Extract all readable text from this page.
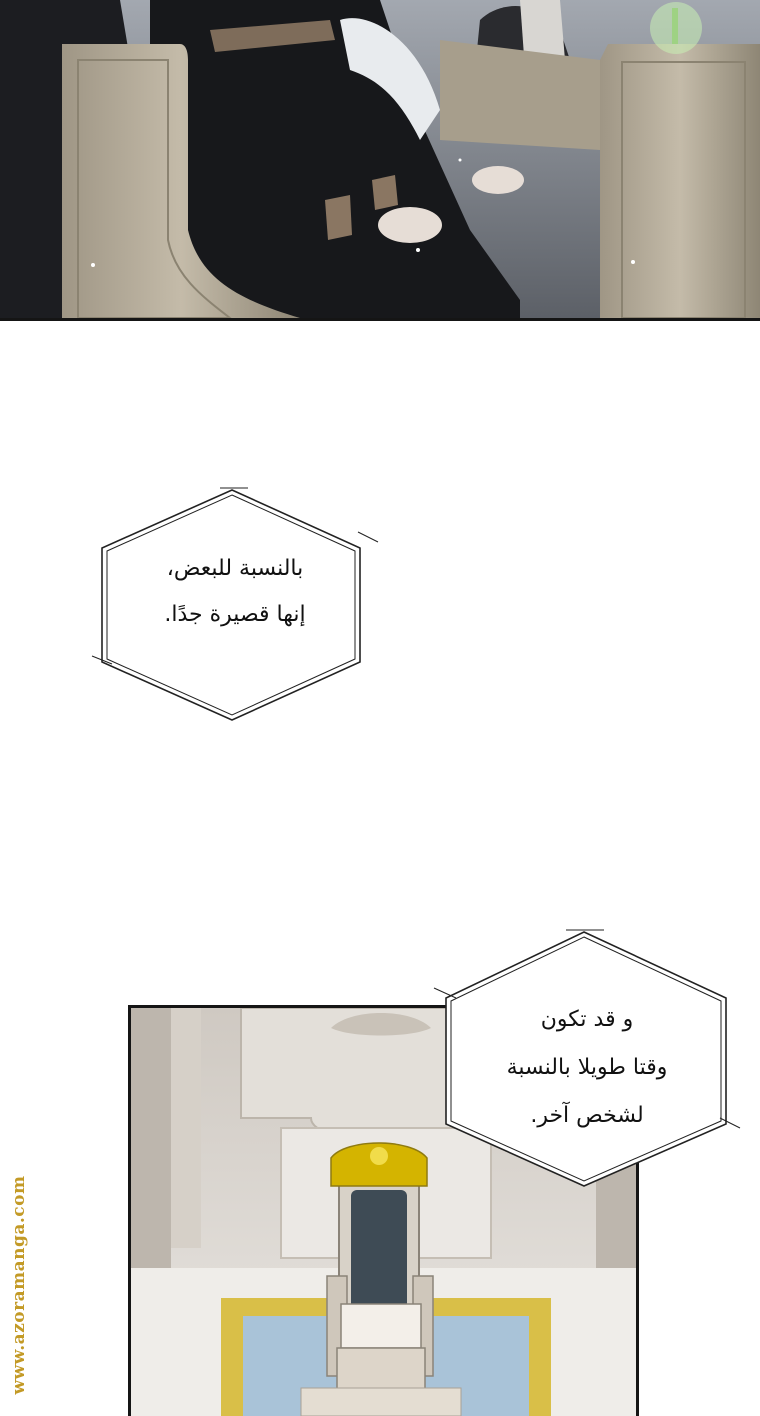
بالنسبة للبعض،
إنها قصيرة جدًا.
و قد تكون
وقتا طويلا بالنسبة
لشخص آخر.
www.azoramanga.com
